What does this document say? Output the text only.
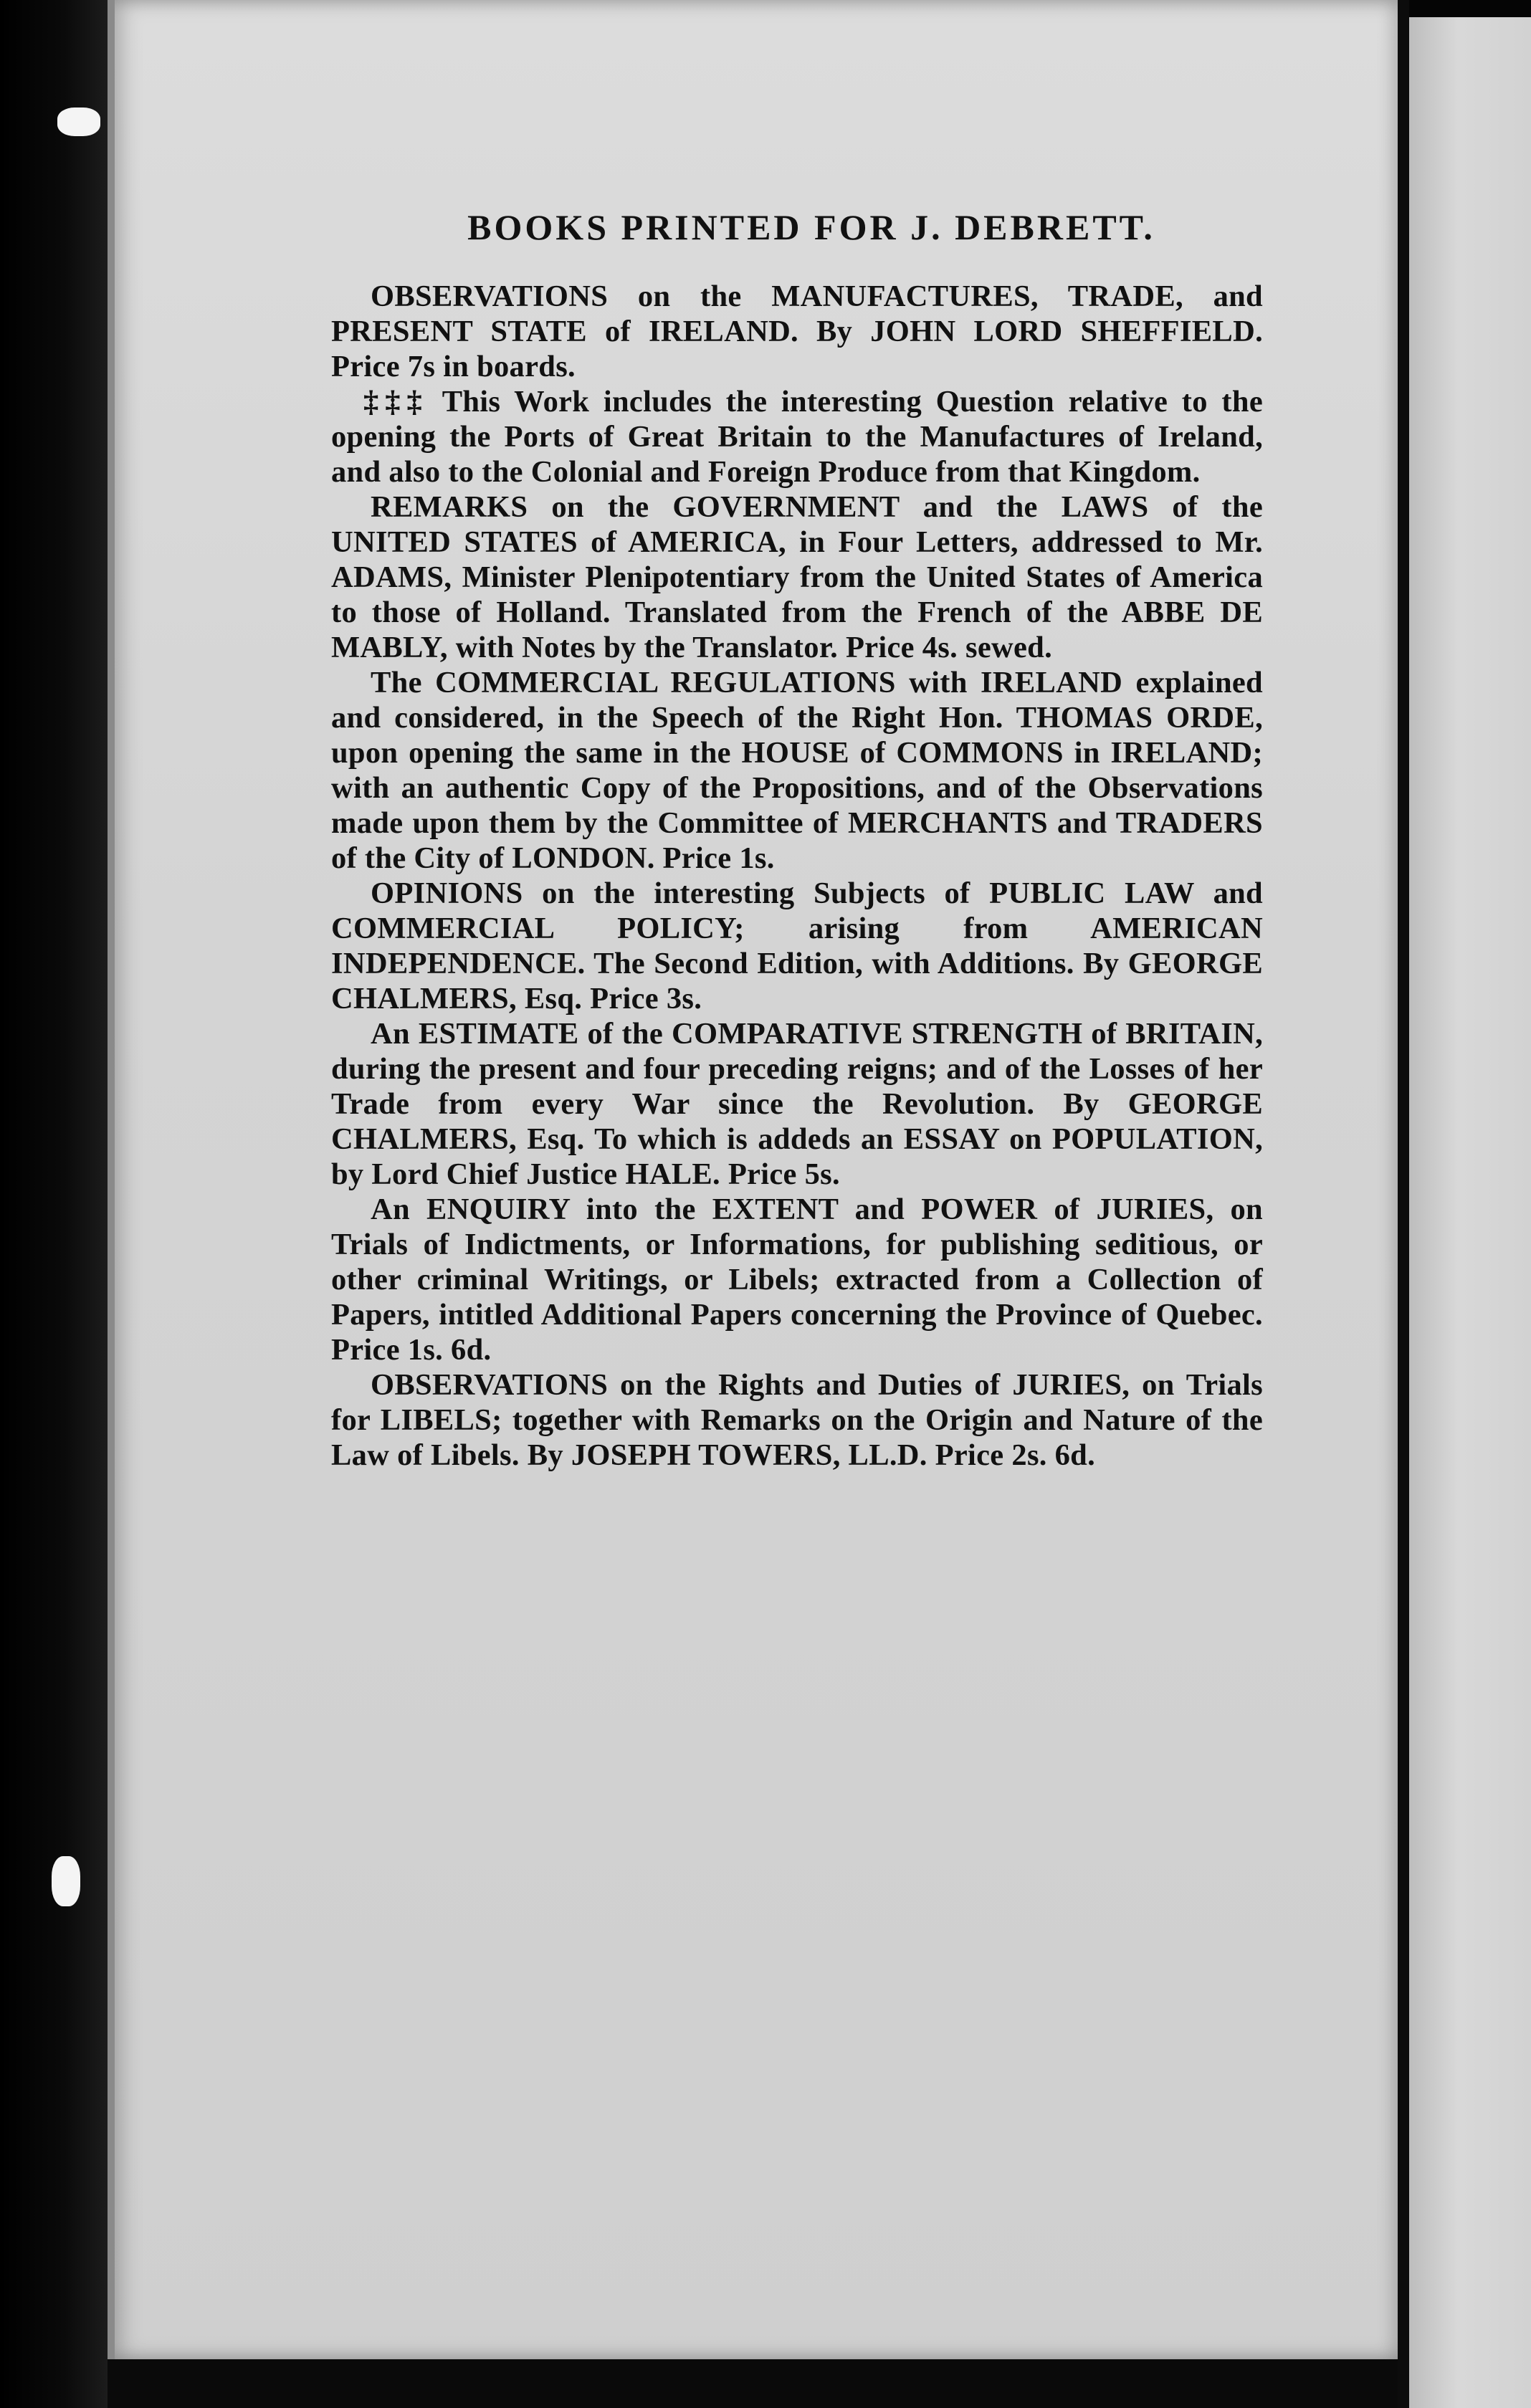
BOOKS PRINTED FOR J. DEBRETT.

OBSERVATIONS on the MANUFACTURES, TRADE, and PRESENT STATE of IRELAND. By JOHN LORD SHEFFIELD. Price 7s in boards.

‡‡‡ This Work includes the interesting Question relative to the opening the Ports of Great Britain to the Manufactures of Ireland, and also to the Colonial and Foreign Produce from that Kingdom.

REMARKS on the GOVERNMENT and the LAWS of the UNITED STATES of AMERICA, in Four Letters, addressed to Mr. ADAMS, Minister Plenipotentiary from the United States of America to those of Holland. Translated from the French of the ABBE DE MABLY, with Notes by the Translator. Price 4s. sewed.

The COMMERCIAL REGULATIONS with IRELAND explained and considered, in the Speech of the Right Hon. THOMAS ORDE, upon opening the same in the HOUSE of COMMONS in IRELAND; with an authentic Copy of the Propositions, and of the Observations made upon them by the Committee of MERCHANTS and TRADERS of the City of LONDON. Price 1s.

OPINIONS on the interesting Subjects of PUBLIC LAW and COMMERCIAL POLICY; arising from AMERICAN INDEPENDENCE. The Second Edition, with Additions. By GEORGE CHALMERS, Esq. Price 3s.

An ESTIMATE of the COMPARATIVE STRENGTH of BRITAIN, during the present and four preceding reigns; and of the Losses of her Trade from every War since the Revolution. By GEORGE CHALMERS, Esq. To which is addeds an ESSAY on POPULATION, by Lord Chief Justice HALE. Price 5s.

An ENQUIRY into the EXTENT and POWER of JURIES, on Trials of Indictments, or Informations, for publishing seditious, or other criminal Writings, or Libels; extracted from a Collection of Papers, intitled Additional Papers concerning the Province of Quebec. Price 1s. 6d.

OBSERVATIONS on the Rights and Duties of JURIES, on Trials for LIBELS; together with Remarks on the Origin and Nature of the Law of Libels. By JOSEPH TOWERS, LL.D. Price 2s. 6d.
